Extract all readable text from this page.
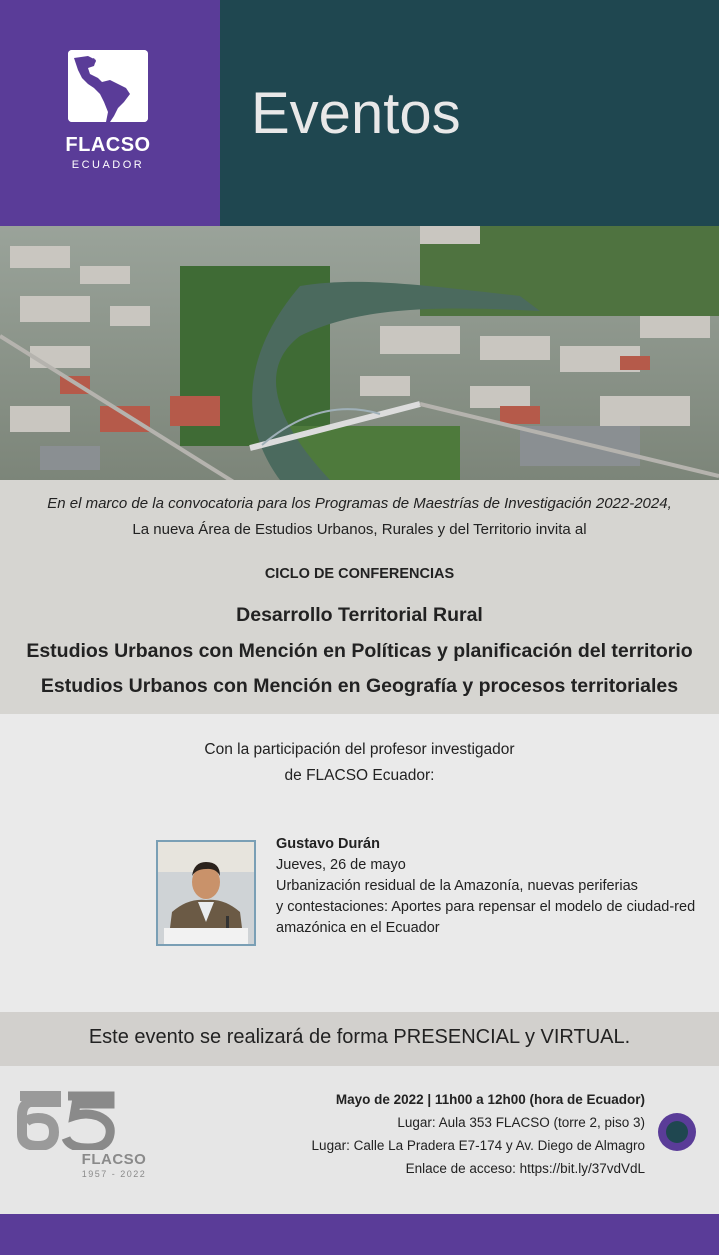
FLACSO
ECUADOR
Eventos
En el marco de la convocatoria para los Programas de Maestrías de Investigación 2022-2024,
La nueva Área de Estudios Urbanos, Rurales y del Territorio invita al
CICLO DE CONFERENCIAS
Desarrollo Territorial Rural
Estudios Urbanos con Mención en Políticas y planificación del territorio
Estudios Urbanos con Mención en Geografía y procesos territoriales
Con la participación del profesor investigador
de FLACSO Ecuador:
Gustavo Durán
Jueves, 26 de mayo
Urbanización residual de la Amazonía, nuevas periferias
y contestaciones: Aportes para repensar el modelo de ciudad-red
amazónica en el Ecuador
Este evento se realizará de forma PRESENCIAL y VIRTUAL.
FLACSO
1957 - 2022
Mayo de 2022 | 11h00 a 12h00 (hora de Ecuador)
Lugar: Aula 353 FLACSO (torre 2, piso 3)
Lugar: Calle La Pradera E7-174 y Av. Diego de Almagro
Enlace de acceso: https://bit.ly/37vdVdL
